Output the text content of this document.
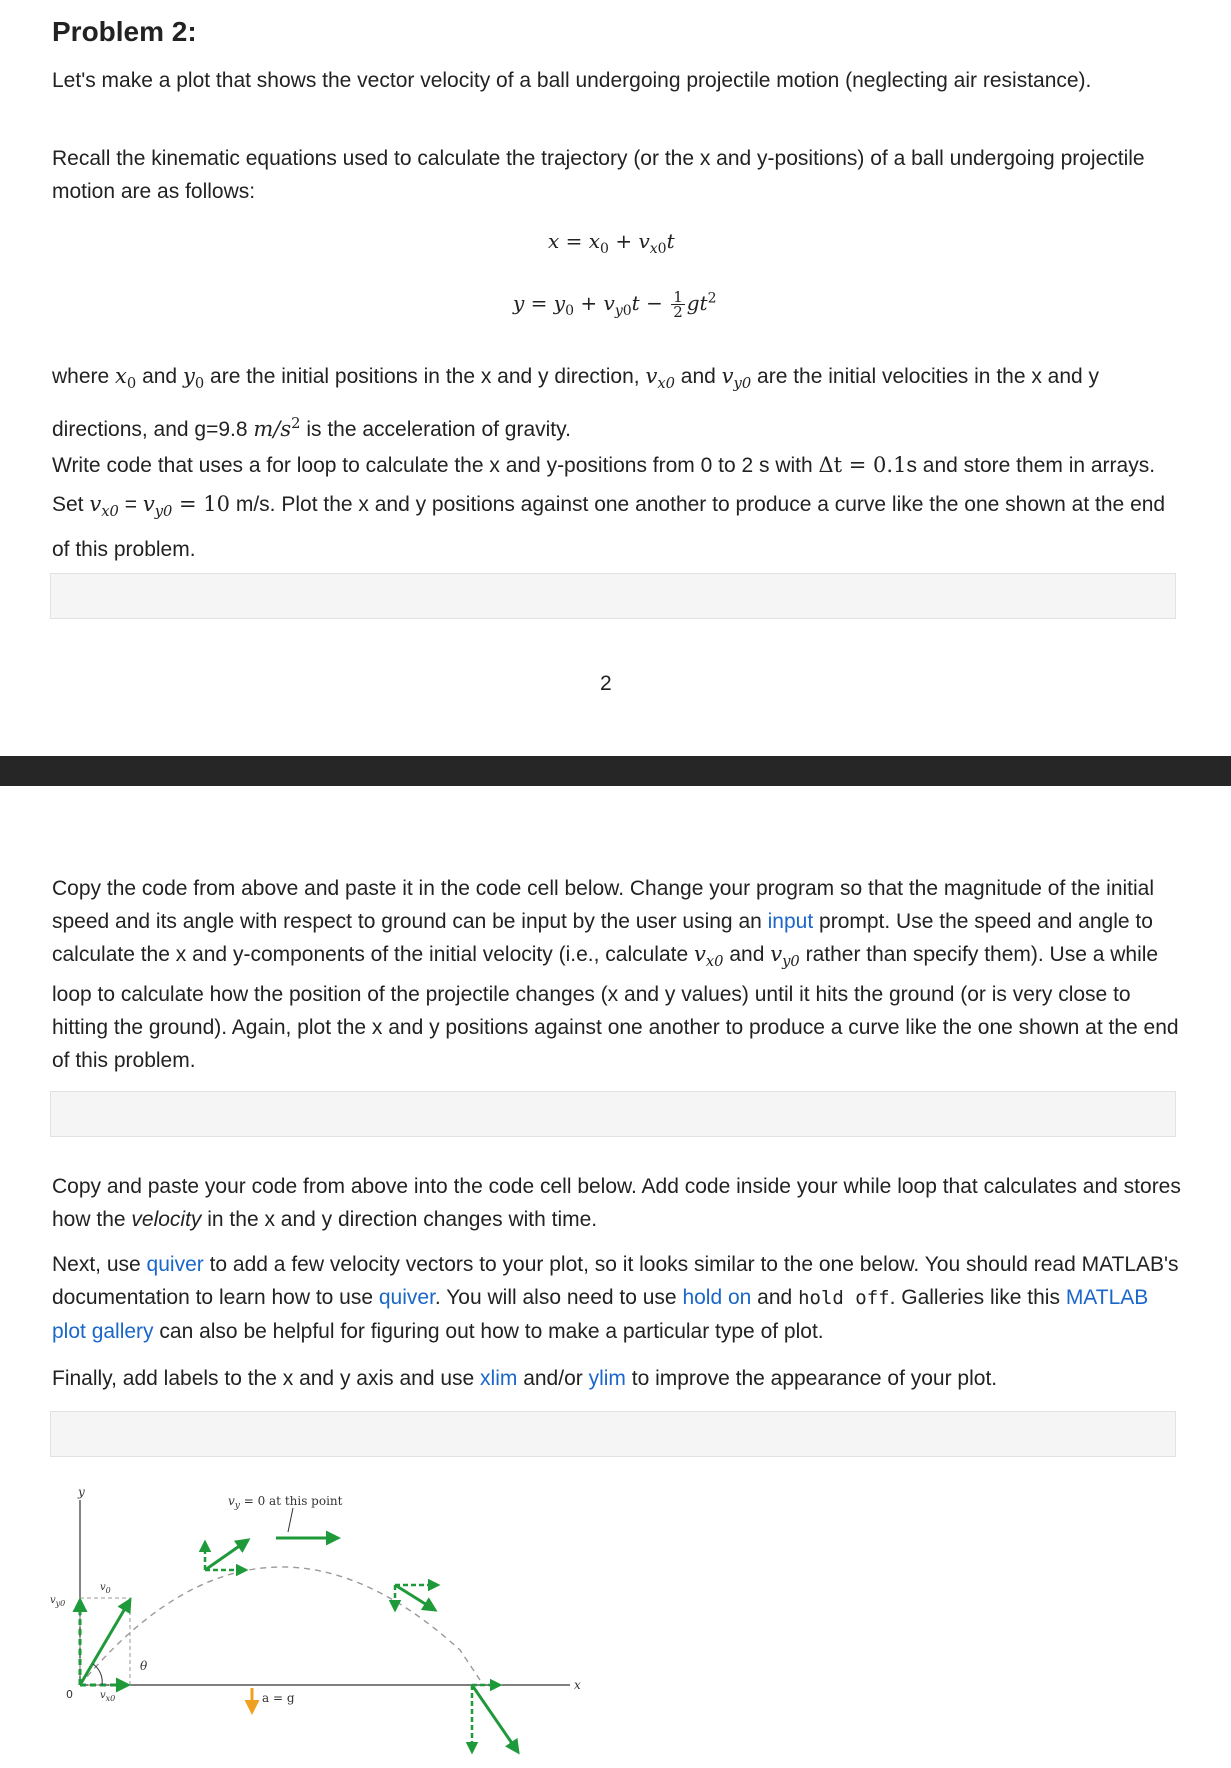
Problem 2:

Let's make a plot that shows the vector velocity of a ball undergoing projectile motion (neglecting air resistance).

Recall the kinematic equations used to calculate the trajectory (or the x and y-positions) of a ball undergoing projectile motion are as follows:

$x = x_0 + v_{x0}t$
$y = y_0 + v_{y0}t - \frac{1}{2} gt^2$

where $x_0$ and $y_0$ are the initial positions in the x and y direction, $v_{x0}$ and $v_{y0}$ are the initial velocities in the x and y directions, and g=9.8 $m/s^2$ is the acceleration of gravity.

Write code that uses a for loop to calculate the x and y-positions from 0 to 2 s with Δt = 0.1s and store them in arrays. Set $v_{x0} = v_{y0} = 10$ m/s. Plot the x and y positions against one another to produce a curve like the one shown at the end of this problem.

2

Copy the code from above and paste it in the code cell below. Change your program so that the magnitude of the initial speed and its angle with respect to ground can be input by the user using an input prompt. Use the speed and angle to calculate the x and y-components of the initial velocity (i.e., calculate $v_{x0}$ and $v_{y0}$ rather than specify them). Use a while loop to calculate how the position of the projectile changes (x and y values) until it hits the ground (or is very close to hitting the ground). Again, plot the x and y positions against one another to produce a curve like the one shown at the end of this problem.

Copy and paste your code from above into the code cell below. Add code inside your while loop that calculates and stores how the velocity in the x and y direction changes with time.

Next, use quiver to add a few velocity vectors to your plot, so it looks similar to the one below. You should read MATLAB's documentation to learn how to use quiver. You will also need to use hold on and hold off. Galleries like this MATLAB plot gallery can also be helpful for figuring out how to make a particular type of plot.

Finally, add labels to the x and y axis and use xlim and/or ylim to improve the appearance of your plot.

y
x
0
θ
$v_{y0}$
$v_{x0}$
$v_0$
$v_y = 0$ at this point
a = g
